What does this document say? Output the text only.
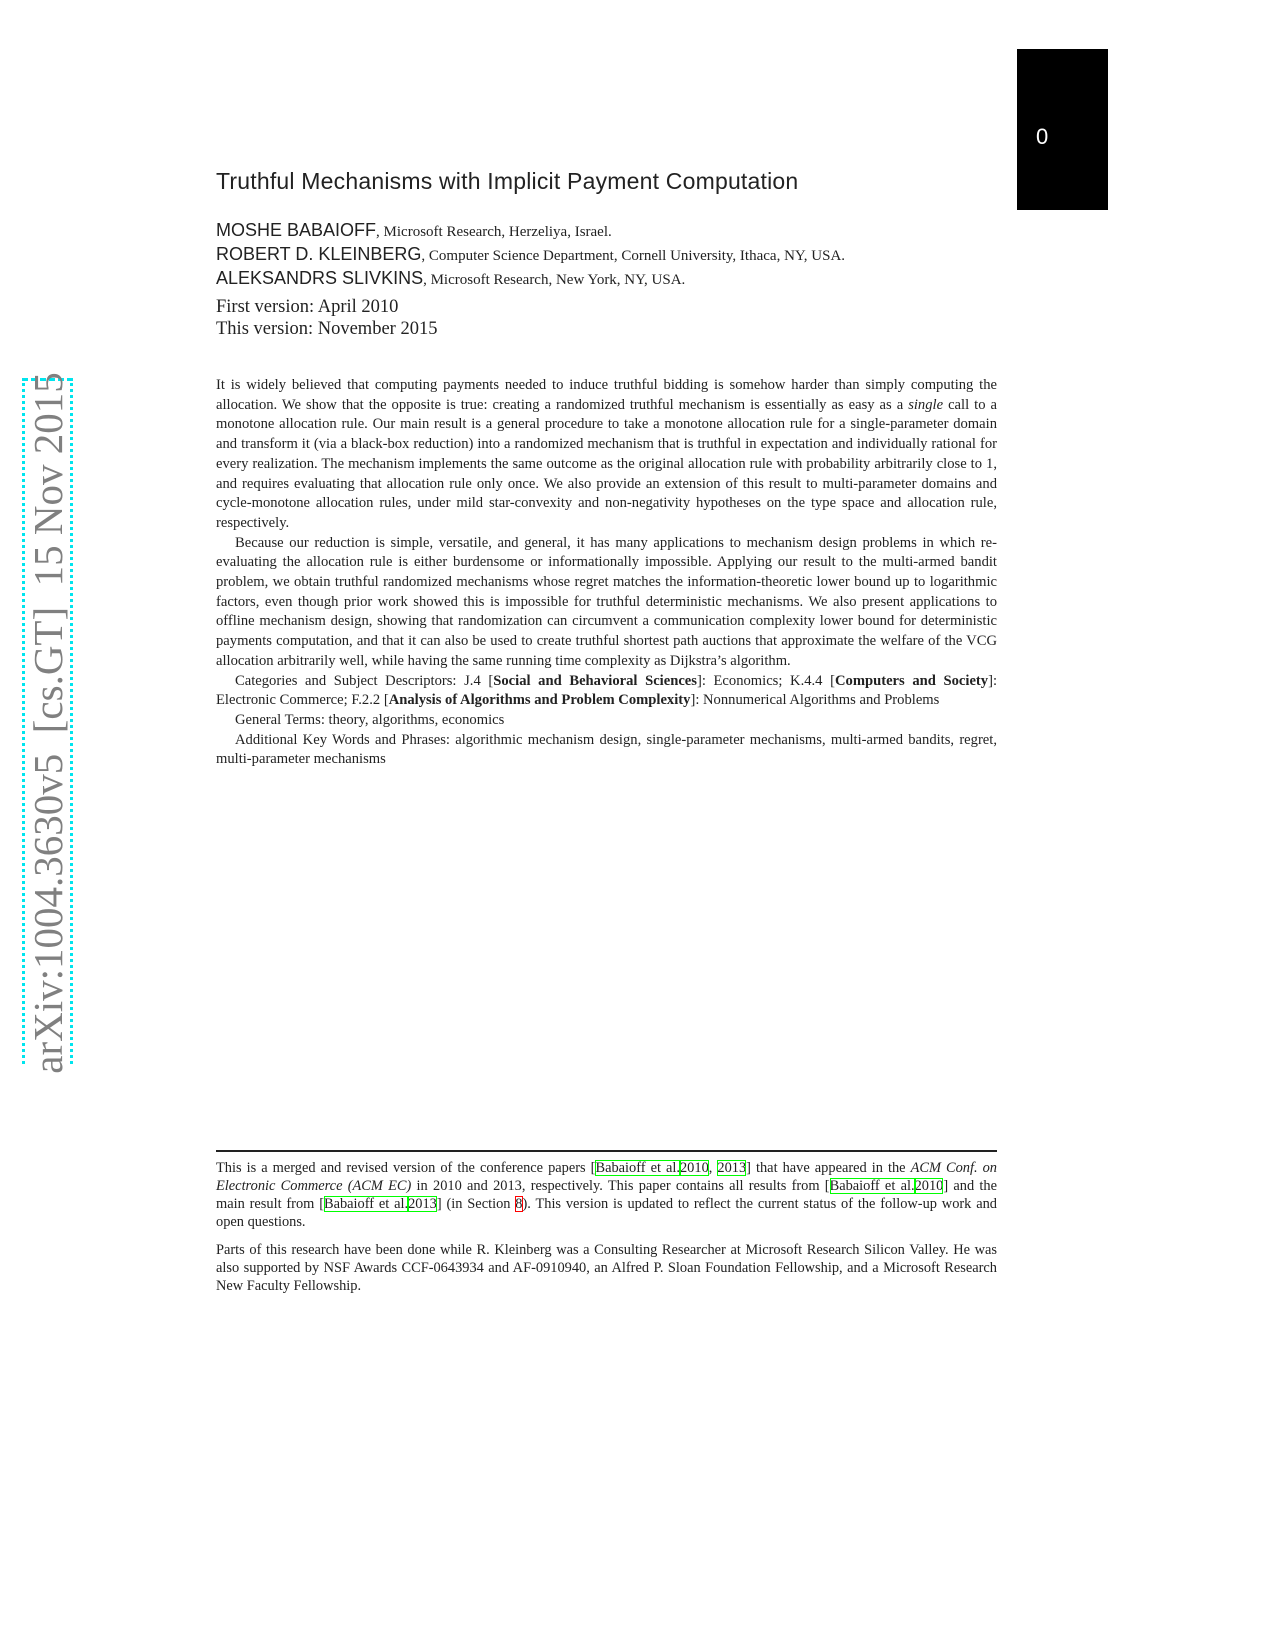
0
arXiv:1004.3630v5  [cs.GT]  15 Nov 2015
Truthful Mechanisms with Implicit Payment Computation
MOSHE BABAIOFF, Microsoft Research, Herzeliya, Israel.
ROBERT D. KLEINBERG, Computer Science Department, Cornell University, Ithaca, NY, USA.
ALEKSANDRS SLIVKINS, Microsoft Research, New York, NY, USA.
First version: April 2010
This version: November 2015

It is widely believed that computing payments needed to induce truthful bidding is somehow harder than simply computing the allocation. We show that the opposite is true: creating a randomized truthful mechanism is essentially as easy as a single call to a monotone allocation rule. Our main result is a general procedure to take a monotone allocation rule for a single-parameter domain and transform it (via a black-box reduction) into a randomized mechanism that is truthful in expectation and individually rational for every realization. The mechanism implements the same outcome as the original allocation rule with probability arbitrarily close to 1, and requires evaluating that allocation rule only once. We also provide an extension of this result to multi-parameter domains and cycle-monotone allocation rules, under mild star-convexity and non-negativity hypotheses on the type space and allocation rule, respectively.

Because our reduction is simple, versatile, and general, it has many applications to mechanism design problems in which re-evaluating the allocation rule is either burdensome or informationally impossible. Applying our result to the multi-armed bandit problem, we obtain truthful randomized mechanisms whose regret matches the information-theoretic lower bound up to logarithmic factors, even though prior work showed this is impossible for truthful deterministic mechanisms. We also present applications to offline mechanism design, showing that randomization can circumvent a communication complexity lower bound for deterministic payments computation, and that it can also be used to create truthful shortest path auctions that approximate the welfare of the VCG allocation arbitrarily well, while having the same running time complexity as Dijkstra’s algorithm.

Categories and Subject Descriptors: J.4 [Social and Behavioral Sciences]: Economics; K.4.4 [Computers and Society]: Electronic Commerce; F.2.2 [Analysis of Algorithms and Problem Complexity]: Nonnumerical Algorithms and Problems

General Terms: theory, algorithms, economics

Additional Key Words and Phrases: algorithmic mechanism design, single-parameter mechanisms, multi-armed bandits, regret, multi-parameter mechanisms

This is a merged and revised version of the conference papers [Babaioff et al.2010, 2013] that have appeared in the ACM Conf. on Electronic Commerce (ACM EC) in 2010 and 2013, respectively. This paper contains all results from [Babaioff et al.2010] and the main result from [Babaioff et al.2013] (in Section 8). This version is updated to reflect the current status of the follow-up work and open questions.

Parts of this research have been done while R. Kleinberg was a Consulting Researcher at Microsoft Research Silicon Valley. He was also supported by NSF Awards CCF-0643934 and AF-0910940, an Alfred P. Sloan Foundation Fellowship, and a Microsoft Research New Faculty Fellowship.
